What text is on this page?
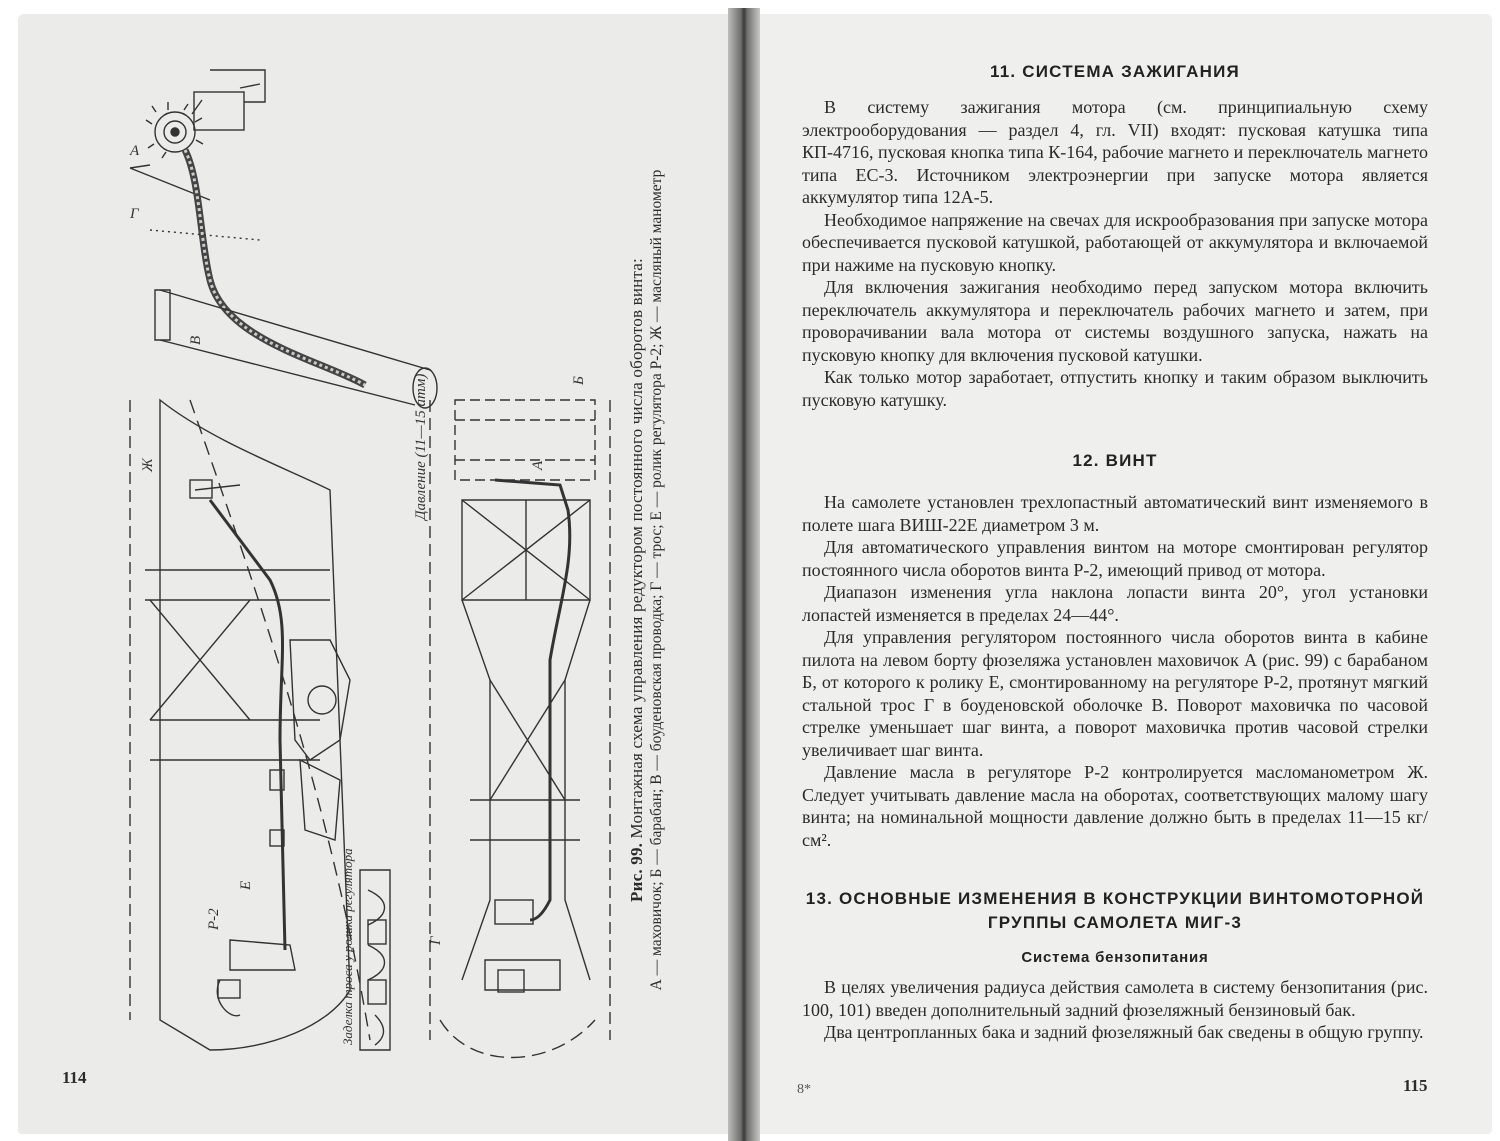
А
Г
В
Ж	Давление (11—15 атм)	А
Б
Р-2
Е
Г
Заделка троса у ролика регулятора	Рис. 99. Монтажная схема управления редуктором постоянного числа оборотов винта: А — маховичок; Б — барабан; В — боуденовская проводка; Г — трос; Е — ролик регулятора Р-2; Ж — масляный манометр
114
11. СИСТЕМА ЗАЖИГАНИЯ

В систему зажигания мотора (см. принципиальную схему электрооборудования — раздел 4, гл. VII) входят: пусковая катушка типа КП-4716, пусковая кнопка типа К-164, рабочие магнето и переключатель магнето типа ЕС-3. Источником электроэнергии при запуске мотора является аккумулятор типа 12А-5.

Необходимое напряжение на свечах для искрообразования при запуске мотора обеспечивается пусковой катушкой, работающей от аккумулятора и включаемой при нажиме на пусковую кнопку.

Для включения зажигания необходимо перед запуском мотора включить переключатель аккумулятора и переключатель рабочих магнето и затем, при проворачивании вала мотора от системы воздушного запуска, нажать на пусковую кнопку для включения пусковой катушки.

Как только мотор заработает, отпустить кнопку и таким образом выключить пусковую катушку.

12. ВИНТ

На самолете установлен трехлопастный автоматический винт изменяемого в полете шага ВИШ-22Е диаметром 3 м.

Для автоматического управления винтом на моторе смонтирован регулятор постоянного числа оборотов винта Р-2, имеющий привод от мотора.

Диапазон изменения угла наклона лопасти винта 20°, угол установки лопастей изменяется в пределах 24—44°.

Для управления регулятором постоянного числа оборотов винта в кабине пилота на левом борту фюзеляжа установлен маховичок А (рис. 99) с барабаном Б, от которого к ролику Е, смонтированному на регуляторе Р-2, протянут мягкий стальной трос Г в боуденовской оболочке В. Поворот маховичка по часовой стрелке уменьшает шаг винта, а поворот маховичка против часовой стрелки увеличивает шаг винта.

Давление масла в регуляторе Р-2 контролируется масломанометром Ж. Следует учитывать давление масла на оборотах, соответствующих малому шагу винта; на номинальной мощности давление должно быть в пределах 11—15 кг/см².

13. ОСНОВНЫЕ ИЗМЕНЕНИЯ В КОНСТРУКЦИИ ВИНТОМОТОРНОЙ ГРУППЫ САМОЛЕТА МИГ-3
Система бензопитания

В целях увеличения радиуса действия самолета в систему бензопитания (рис. 100, 101) введен дополнительный задний фюзеляжный бензиновый бак.

Два центропланных бака и задний фюзеляжный бак сведены в общую группу.

8*	115
